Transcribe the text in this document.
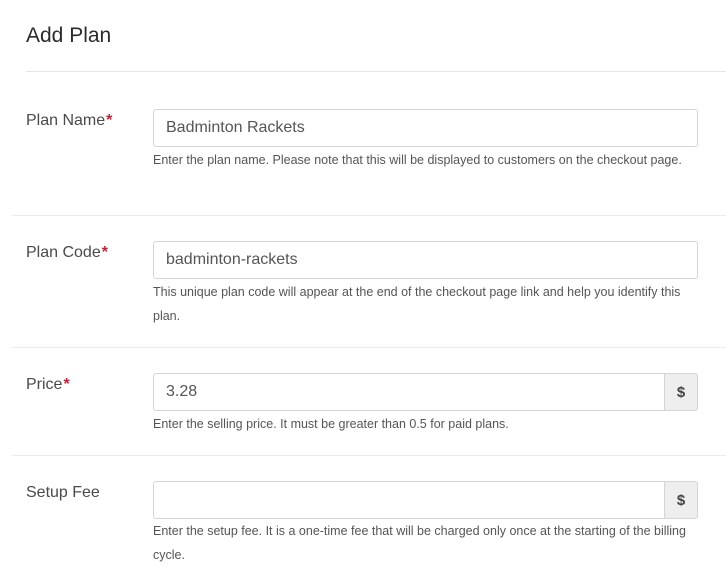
Add Plan
Plan Name*
Badminton Rackets
Enter the plan name. Please note that this will be displayed to customers on the checkout page.
Plan Code*
badminton-rackets
This unique plan code will appear at the end of the checkout page link and help you identify this plan.
Price*
3.28	$
Enter the selling price. It must be greater than 0.5 for paid plans.
Setup Fee	$
Enter the setup fee. It is a one-time fee that will be charged only once at the starting of the billing cycle.
